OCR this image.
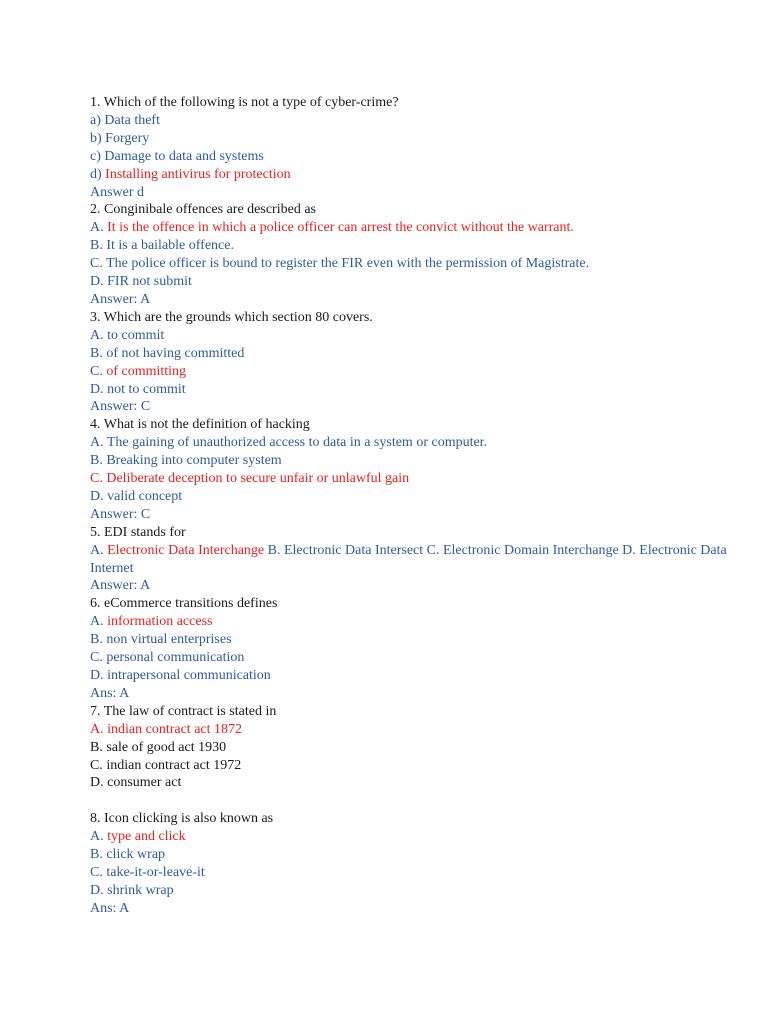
1. Which of the following is not a type of cyber-crime?
a) Data theft
b) Forgery
c) Damage to data and systems
d) Installing antivirus for protection
Answer d
2. Conginibale offences are described as
A. It is the offence in which a police officer can arrest the convict without the warrant.
B. It is a bailable offence.
C. The police officer is bound to register the FIR even with the permission of Magistrate.
D. FIR not submit
Answer: A
3. Which are the grounds which section 80 covers.
A. to commit
B. of not having committed
C. of committing
D. not to commit
Answer: C
4. What is not the definition of hacking
A. The gaining of unauthorized access to data in a system or computer.
B. Breaking into computer system
C. Deliberate deception to secure unfair or unlawful gain
D. valid concept
Answer: C
5. EDI stands for
A. Electronic Data Interchange B. Electronic Data Intersect C. Electronic Domain Interchange D. Electronic Data Internet
Answer: A
6. eCommerce transitions defines
A. information access
B. non virtual enterprises
C. personal communication
D. intrapersonal communication
Ans: A
7. The law of contract is stated in
A. indian contract act 1872
B. sale of good act 1930
C. indian contract act 1972
D. consumer act
8. Icon clicking is also known as
A. type and click
B. click wrap
C. take-it-or-leave-it
D. shrink wrap
Ans: A
